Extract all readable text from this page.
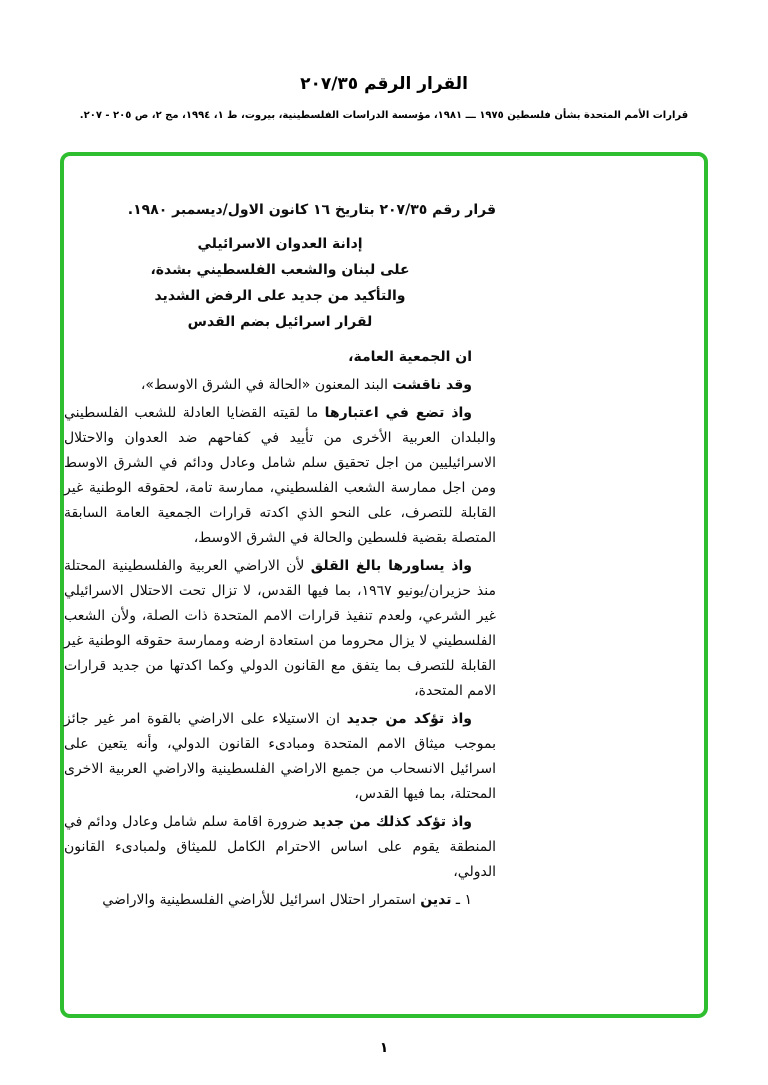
القرار الرقم ٢٠٧/٣٥
قرارات الأمم المتحدة بشأن فلسطين ١٩٧٥ ـــ ١٩٨١، مؤسسة الدراسات الفلسطينية، بيروت، ط ١، ١٩٩٤، مج ٢، ص ٢٠٥ - ٢٠٧.

قرار رقم ٢٠٧/٣٥ بتاريخ ١٦ كانون الاول/ديسمبر ١٩٨٠.

إدانة العدوان الاسرائيلي
على لبنان والشعب الفلسطيني بشدة،
والتأكيد من جديد على الرفض الشديد
لقرار اسرائيل بضم القدس

ان الجمعية العامة،

وقد ناقشت البند المعنون «الحالة في الشرق الاوسط»،

واذ تضع في اعتبارها ما لقيته القضايا العادلة للشعب الفلسطيني والبلدان العربية الأخرى من تأييد في كفاحهم ضد العدوان والاحتلال الاسرائيليين من اجل تحقيق سلم شامل وعادل ودائم في الشرق الاوسط ومن اجل ممارسة الشعب الفلسطيني، ممارسة تامة، لحقوقه الوطنية غير القابلة للتصرف، على النحو الذي اكدته قرارات الجمعية العامة السابقة المتصلة بقضية فلسطين والحالة في الشرق الاوسط،

واذ يساورها بالغ القلق لأن الاراضي العربية والفلسطينية المحتلة منذ حزيران/يونيو ١٩٦٧، بما فيها القدس، لا تزال تحت الاحتلال الاسرائيلي غير الشرعي، ولعدم تنفيذ قرارات الامم المتحدة ذات الصلة، ولأن الشعب الفلسطيني لا يزال محروما من استعادة ارضه وممارسة حقوقه الوطنية غير القابلة للتصرف بما يتفق مع القانون الدولي وكما اكدتها من جديد قرارات الامم المتحدة،

واذ تؤكد من جديد ان الاستيلاء على الاراضي بالقوة امر غير جائز بموجب ميثاق الامم المتحدة ومبادىء القانون الدولي، وأنه يتعين على اسرائيل الانسحاب من جميع الاراضي الفلسطينية والاراضي العربية الاخرى المحتلة، بما فيها القدس،

واذ تؤكد كذلك من جديد ضرورة اقامة سلم شامل وعادل ودائم في المنطقة يقوم على اساس الاحترام الكامل للميثاق ولمبادىء القانون الدولي،

١ ـ تدين استمرار احتلال اسرائيل للأراضي الفلسطينية والاراضي

١
